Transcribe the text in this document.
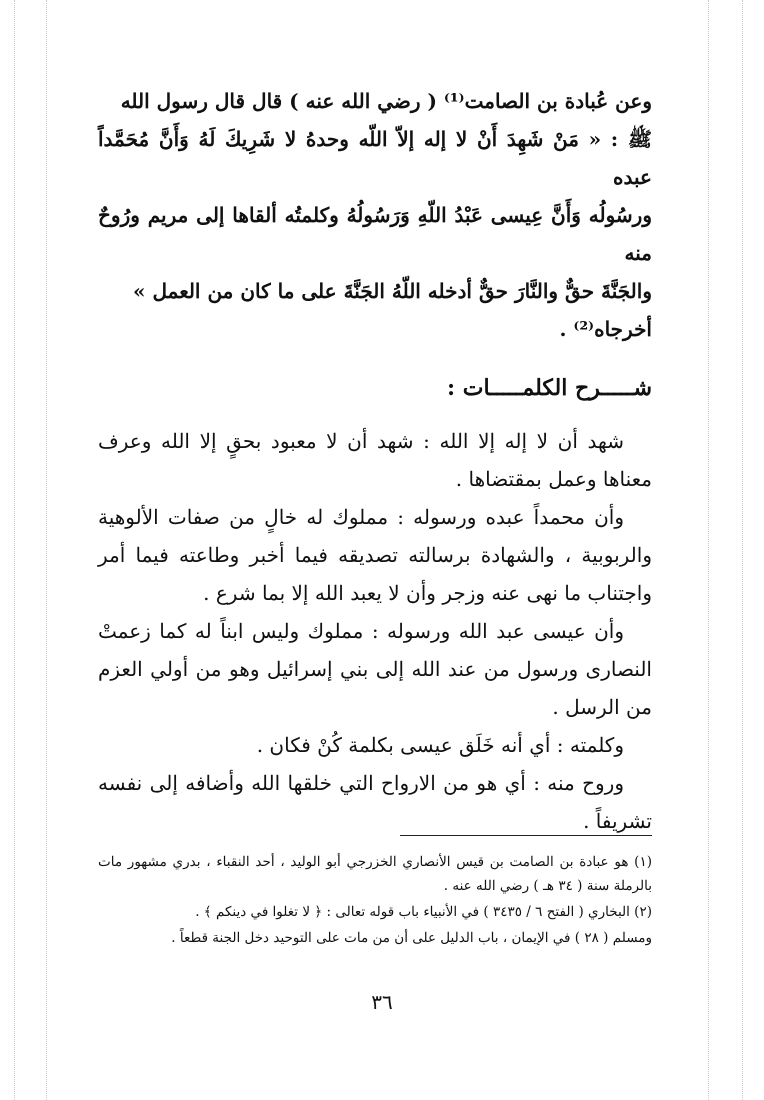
وعن عُبادة بن الصامت⁽¹⁾ ( رضي الله عنه ) قال قال رسول الله

ﷺ : « مَنْ شَهِدَ أَنْ لا إله إلاّ اللّه وحدهُ لا شَرِيكَ لَهُ وَأَنَّ مُحَمَّداً عبده

ورسُولُه وَأَنَّ عِيسى عَبْدُ اللّهِ وَرَسُولُهُ وكلمتُه ألقاها إلى مريم ورُوحٌ منه

والجَنَّةَ حقٌّ والنَّارَ حقٌّ أدخله اللّهُ الجَنَّةَ على ما كان من العمل »

أخرجاه⁽²⁾ .

شـــــرح الكلمـــــات :

شهد أن لا إله إلا الله : شهد أن لا معبود بحقٍ إلا الله وعرف معناها وعمل بمقتضاها .

وأن محمداً عبده ورسوله : مملوك له خالٍ من صفات الألوهية والربوبية ، والشهادة برسالته تصديقه فيما أخبر وطاعته فيما أمر واجتناب ما نهى عنه وزجر وأن لا يعبد الله إلا بما شرع .

وأن عيسى عبد الله ورسوله : مملوك وليس ابناً له كما زعمتْ النصارى ورسول من عند الله إلى بني إسرائيل وهو من أولي العزم من الرسل .

وكلمته : أي أنه خَلَق عيسى بكلمة كُنْ فكان .

وروح منه : أي هو من الارواح التي خلقها الله وأضافه إلى نفسه تشريفاً .

(١) هو عبادة بن الصامت بن قيس الأنصاري الخزرجي أبو الوليد ، أحد النقباء ، بدري مشهور مات بالرملة سنة ( ٣٤ هـ ) رضي الله عنه .

(٢) البخاري ( الفتح ٦ / ٣٤٣٥ ) في الأنبياء باب قوله تعالى : ﴿ لا تغلوا في دينكم ﴾ .

ومسلم ( ٢٨ ) في الإيمان ، باب الدليل على أن من مات على التوحيد دخل الجنة قطعاً .

٣٦
